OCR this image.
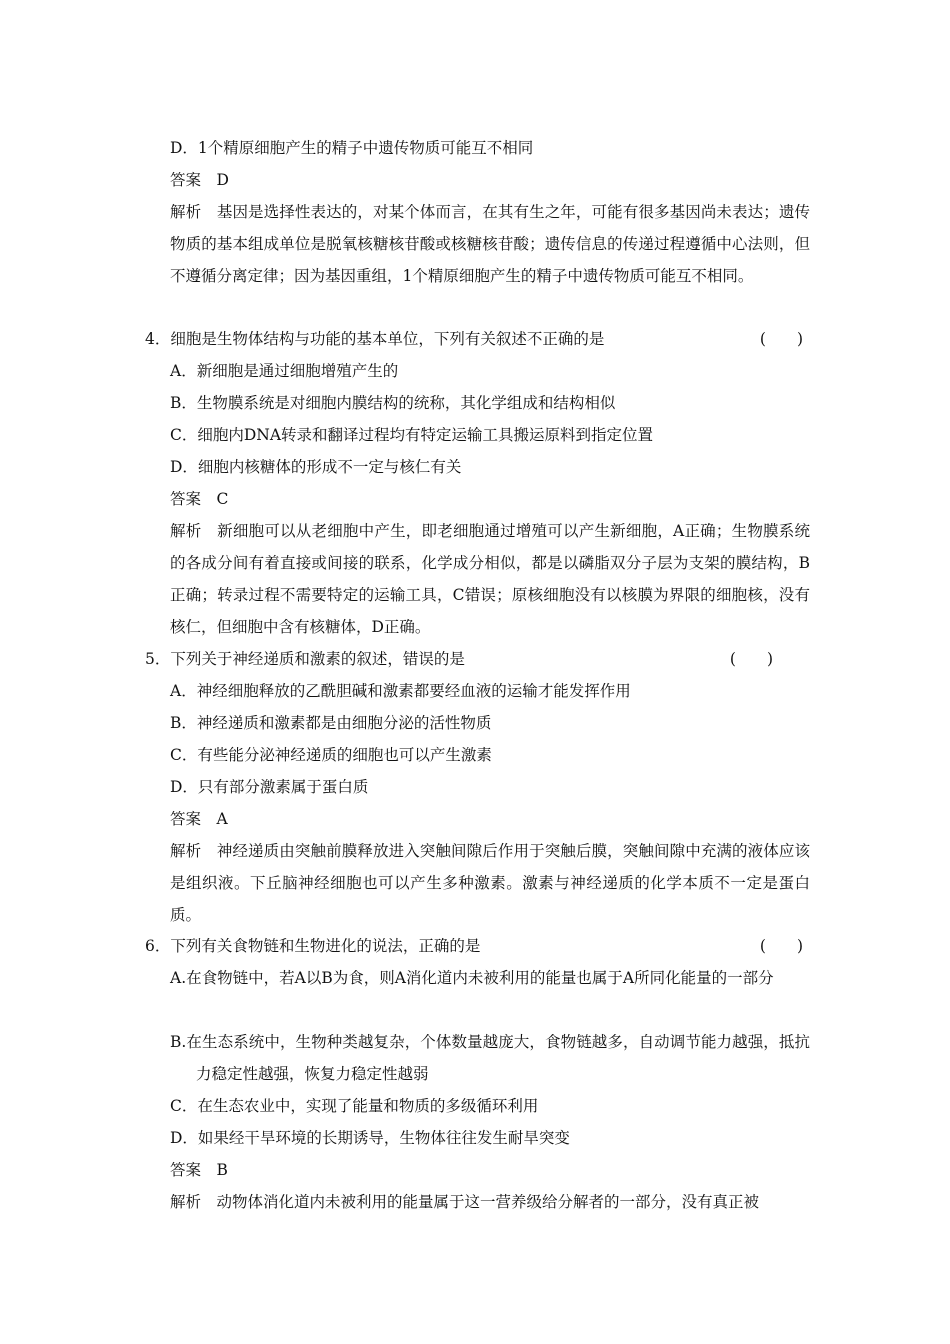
D．1个精原细胞产生的精子中遗传物质可能互不相同
答案　D
解析　基因是选择性表达的，对某个体而言，在其有生之年，可能有很多基因尚未表达；遗传物质的基本组成单位是脱氧核糖核苷酸或核糖核苷酸；遗传信息的传递过程遵循中心法则，但不遵循分离定律；因为基因重组，1个精原细胞产生的精子中遗传物质可能互不相同。
4．细胞是生物体结构与功能的基本单位，下列有关叙述不正确的是	(　　)
A．新细胞是通过细胞增殖产生的
B．生物膜系统是对细胞内膜结构的统称，其化学组成和结构相似
C．细胞内DNA转录和翻译过程均有特定运输工具搬运原料到指定位置
D．细胞内核糖体的形成不一定与核仁有关
答案　C
解析　新细胞可以从老细胞中产生，即老细胞通过增殖可以产生新细胞，A正确；生物膜系统的各成分间有着直接或间接的联系，化学成分相似，都是以磷脂双分子层为支架的膜结构，B正确；转录过程不需要特定的运输工具，C错误；原核细胞没有以核膜为界限的细胞核，没有核仁，但细胞中含有核糖体，D正确。
5．下列关于神经递质和激素的叙述，错误的是	(　　)
A．神经细胞释放的乙酰胆碱和激素都要经血液的运输才能发挥作用
B．神经递质和激素都是由细胞分泌的活性物质
C．有些能分泌神经递质的细胞也可以产生激素
D．只有部分激素属于蛋白质
答案　A
解析　神经递质由突触前膜释放进入突触间隙后作用于突触后膜，突触间隙中充满的液体应该是组织液。下丘脑神经细胞也可以产生多种激素。激素与神经递质的化学本质不一定是蛋白质。
6．下列有关食物链和生物进化的说法，正确的是	(　　)
A.在食物链中，若A以B为食，则A消化道内未被利用的能量也属于A所同化能量的一部分
B.在生态系统中，生物种类越复杂，个体数量越庞大，食物链越多，自动调节能力越强，抵抗力稳定性越强，恢复力稳定性越弱
C．在生态农业中，实现了能量和物质的多级循环利用
D．如果经干旱环境的长期诱导，生物体往往发生耐旱突变
答案　B
解析　动物体消化道内未被利用的能量属于这一营养级给分解者的一部分，没有真正被
